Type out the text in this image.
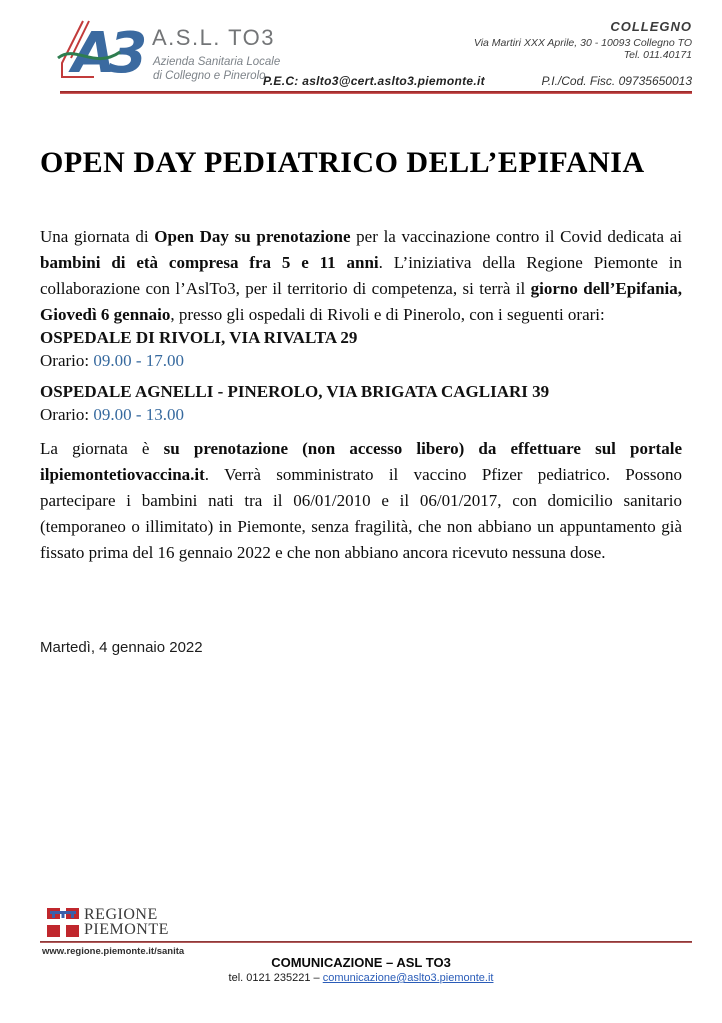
A3 A.S.L. TO3
Azienda Sanitaria Locale
di Collegno e Pinerolo
COLLEGNO
Via Martiri XXX Aprile, 30 - 10093 Collegno TO
Tel. 011.40171
P.E.C: aslto3@cert.aslto3.piemonte.it	P.I./Cod. Fisc. 09735650013
OPEN DAY PEDIATRICO DELL’EPIFANIA

Una giornata di Open Day su prenotazione per la vaccinazione contro il Covid dedicata ai bambini di età compresa fra 5 e 11 anni. L’iniziativa della Regione Piemonte in collaborazione con l’AslTo3, per il territorio di competenza, si terrà il giorno dell’Epifania, Giovedì 6 gennaio, presso gli ospedali di Rivoli e di Pinerolo, con i seguenti orari:

OSPEDALE DI RIVOLI, VIA RIVALTA 29

Orario: 09.00 - 17.00

OSPEDALE AGNELLI - PINEROLO, VIA BRIGATA CAGLIARI 39

Orario: 09.00 - 13.00

La giornata è su prenotazione (non accesso libero) da effettuare sul portale ilpiemontetiovaccina.it. Verrà somministrato il vaccino Pfizer pediatrico. Possono partecipare i bambini nati tra il 06/01/2010 e il 06/01/2017, con domicilio sanitario (temporaneo o illimitato) in Piemonte, senza fragilità, che non abbiano un appuntamento già fissato prima del 16 gennaio 2022 e che non abbiano ancora ricevuto nessuna dose.

Martedì, 4 gennaio 2022
REGIONE
PIEMONTE
www.regione.piemonte.it/sanita
COMUNICAZIONE – ASL TO3
tel. 0121 235221 – comunicazione@aslto3.piemonte.it
